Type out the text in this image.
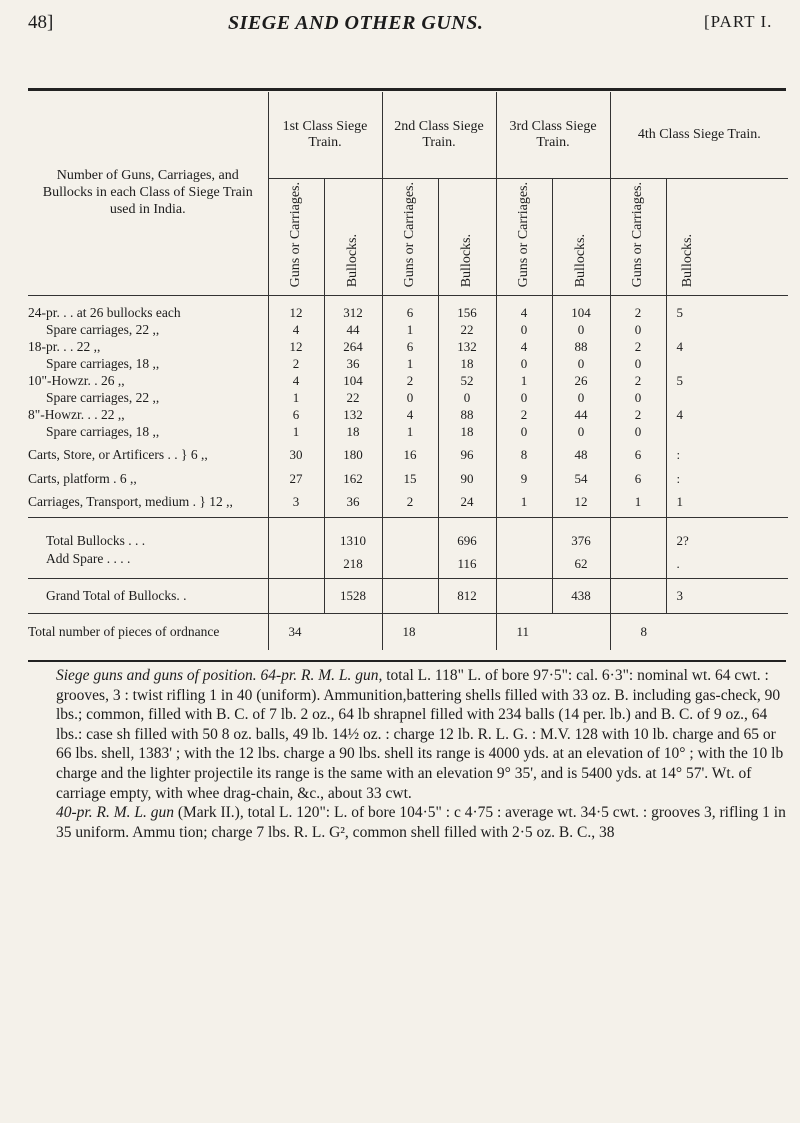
48]	SIEGE AND OTHER GUNS.	[PART I.
Number of Guns, Carriages, and Bullocks in each Class of Siege Train used in India.	1st Class Siege Train.		2nd Class Siege Train.		3rd Class Siege Train.		4th Class Siege Train.	

	Guns or Carriages.	Bullocks.	Guns or Carriages.	Bullocks.	Guns or Carriages.	Bullocks.	Guns or Carriages.	Bullocks.

24-pr. . . at 26 bullocks each	12	312	6	156	4	104	2	5
Spare carriages, 22 ,,	4	44	1	22	0	0	0	
18-pr. . . 22 ,,	12	264	6	132	4	88	2	4
Spare carriages, 18 ,,	2	36	1	18	0	0	0	
10"-Howzr. . 26 ,,	4	104	2	52	1	26	2	5
Spare carriages, 22 ,,	1	22	0	0	0	0	0	
8"-Howzr. . . 22 ,,	6	132	4	88	2	44	2	4
Spare carriages, 18 ,,	1	18	1	18	0	0	0	
Carts, Store, or Artificers . . } 6 ,,	30	180	16	96	8	48	6	:
Carts, platform . 6 ,,	27	162	15	90	9	54	6	:
Carriages, Transport, medium . } 12 ,,	3	36	2	24	1	12	1	1
Total Bullocks . . .		1310		696		376		2?
Add Spare . . . .		218		116		62		.
Grand Total of Bullocks. .		1528		812		438		3
Total number of pieces of ordnance	34		18		11		8	

Siege guns and guns of position. 64-pr. R. M. L. gun, total L. 118" L. of bore 97·5": cal. 6·3": nominal wt. 64 cwt. : grooves, 3 : twist rifling 1 in 40 (uniform). Ammunition,battering shells filled with 33 oz. B. including gas-check, 90 lbs.; common, filled with B. C. of 7 lb. 2 oz., 64 lb shrapnel filled with 234 balls (14 per. lb.) and B. C. of 9 oz., 64 lbs.: case sh filled with 50 8 oz. balls, 49 lb. 14½ oz. : charge 12 lb. R. L. G. : M.V. 128 with 10 lb. charge and 65 or 66 lbs. shell, 1383' ; with the 12 lbs. charge a 90 lbs. shell its range is 4000 yds. at an elevation of 10° ; with the 10 lb charge and the lighter projectile its range is the same with an elevation 9° 35', and is 5400 yds. at 14° 57'. Wt. of carriage empty, with whee drag-chain, &c., about 33 cwt.

40-pr. R. M. L. gun (Mark II.), total L. 120": L. of bore 104·5" : c 4·75 : average wt. 34·5 cwt. : grooves 3, rifling 1 in 35 uniform. Ammu tion; charge 7 lbs. R. L. G², common shell filled with 2·5 oz. B. C., 38
